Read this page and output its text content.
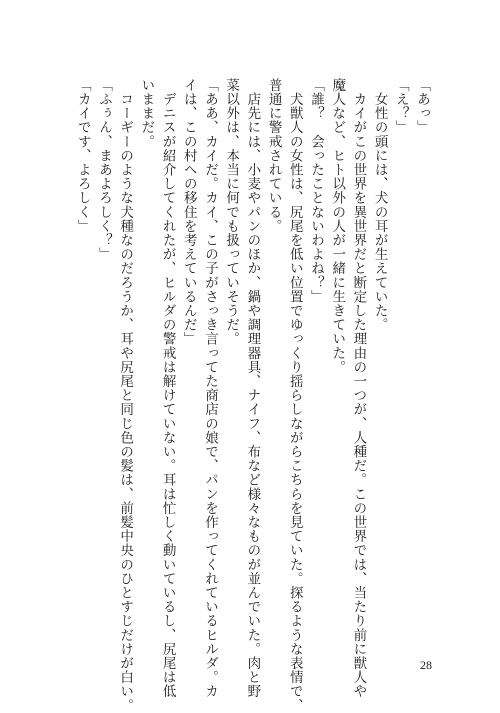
「あっ」
「え？」
　女性の頭には、犬の耳が生えていた。
　カイがこの世界を異世界だと断定した理由の一つが、人種だ。この世界では、当たり前に獣人や
魔人など、ヒト以外の人が一緒に生きていた。
「誰？　会ったことないわよね？」
　犬獣人の女性は、尻尾を低い位置でゆっくり揺らしながらこちらを見ていた。探るような表情で、
普通に警戒されている。
　店先には、小麦やパンのほか、鍋や調理器具、ナイフ、布など様々なものが並んでいた。肉と野
菜以外は、本当に何でも扱っていそうだ。
「ああ、カイだ。カイ、この子がさっき言ってた商店の娘で、パンを作ってくれているヒルダ。カ
イは、この村への移住を考えているんだ」
　デニスが紹介してくれたが、ヒルダの警戒は解けていない。耳は忙しく動いているし、尻尾は低
いままだ。
　コーギーのような犬種なのだろうか、耳や尻尾と同じ色の髪は、前髪中央のひとすじだけが白い。
「ふぅん、まあよろしく？」
「カイです、よろしく」
28
